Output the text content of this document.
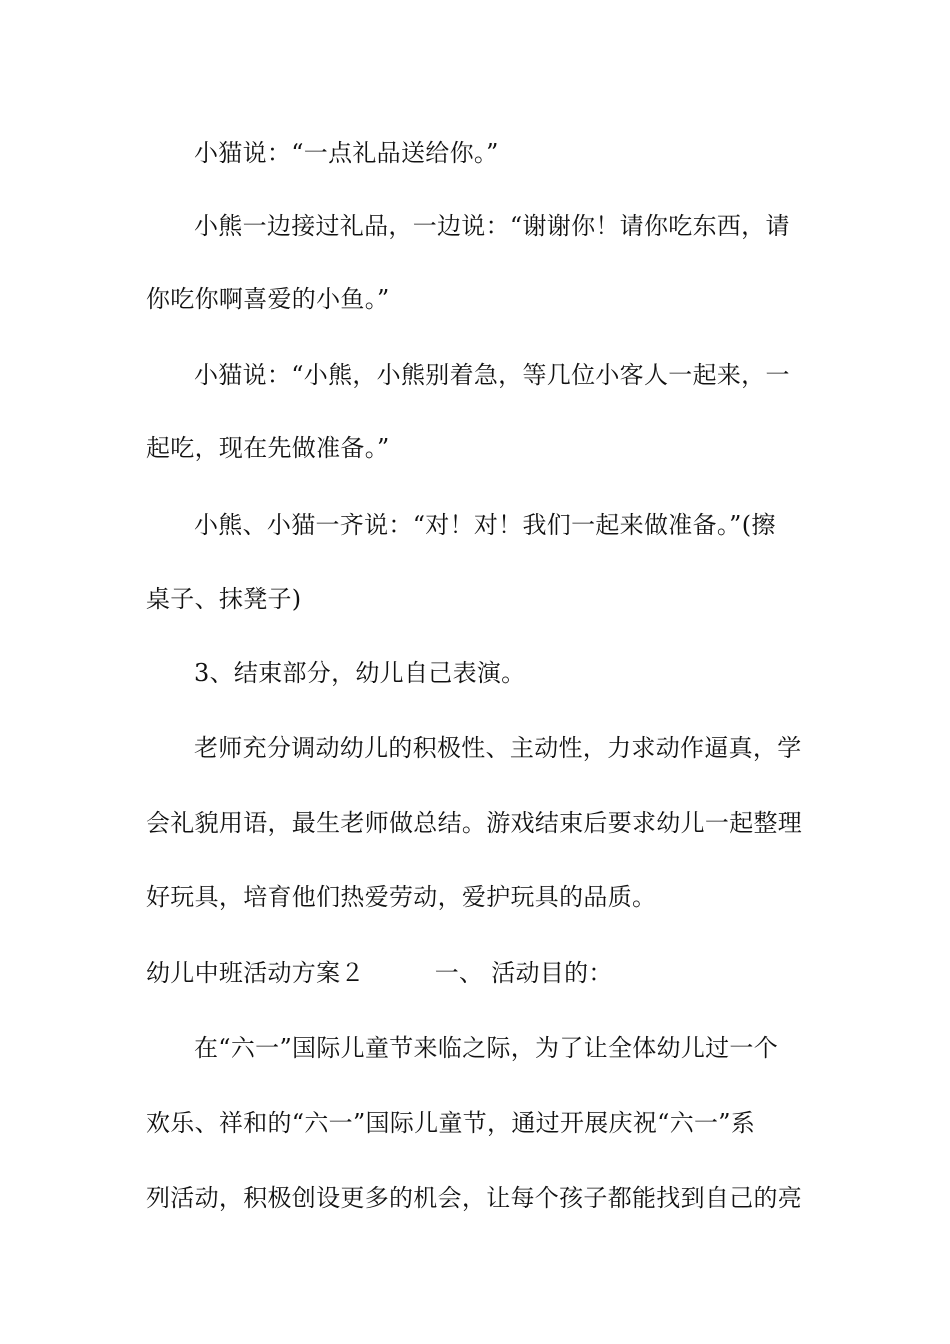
小猫说：“一点礼品送给你。”
小熊一边接过礼品，一边说：“谢谢你！请你吃东西，请
你吃你啊喜爱的小鱼。”
小猫说：“小熊，小熊别着急，等几位小客人一起来，一
起吃，现在先做准备。”
小熊、小猫一齐说：“对！对！我们一起来做准备。”(擦
桌子、抹凳子)
3、结束部分，幼儿自己表演。
老师充分调动幼儿的积极性、主动性，力求动作逼真，学
会礼貌用语，最生老师做总结。游戏结束后要求幼儿一起整理
好玩具，培育他们热爱劳动，爱护玩具的品质。
幼儿中班活动方案２	一、 活动目的：
在“六一”国际儿童节来临之际，为了让全体幼儿过一个
欢乐、祥和的“六一”国际儿童节，通过开展庆祝“六一”系
列活动，积极创设更多的机会，让每个孩子都能找到自己的亮
